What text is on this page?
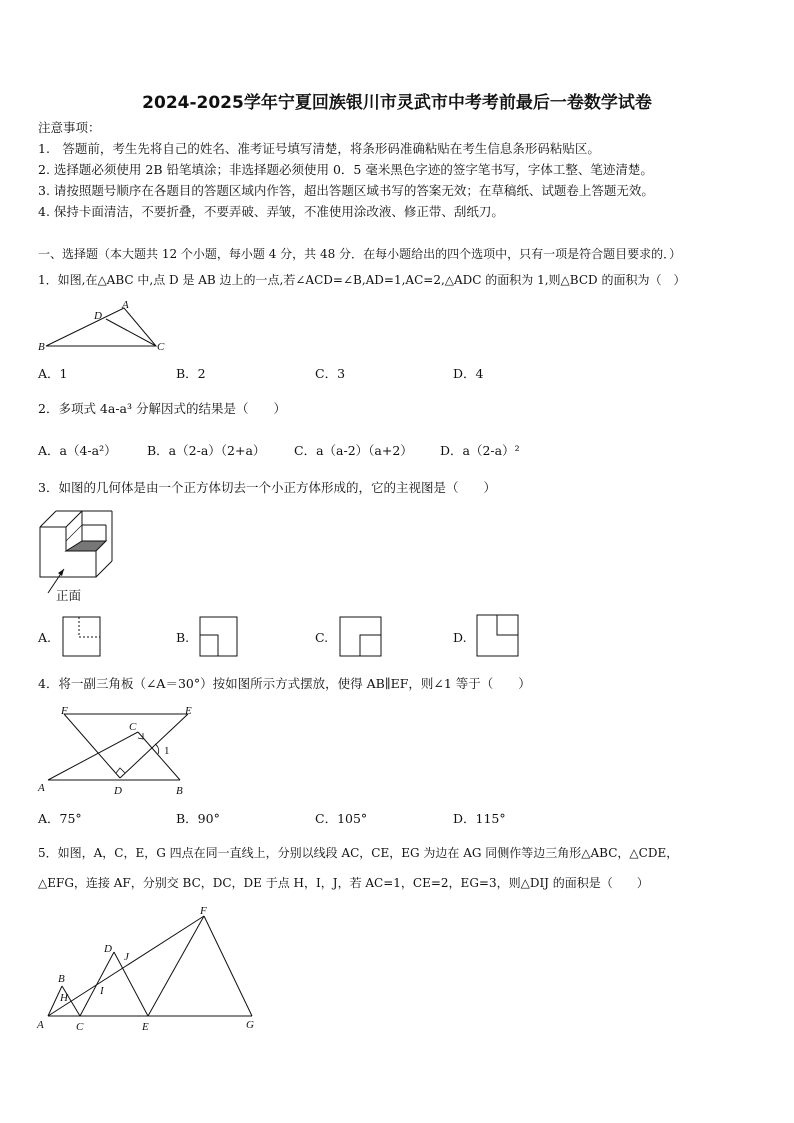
2024-2025学年宁夏回族银川市灵武市中考考前最后一卷数学试卷
注意事项：
1.　答题前，考生先将自己的姓名、准考证号填写清楚，将条形码准确粘贴在考生信息条形码粘贴区。
2. 选择题必须使用 2B 铅笔填涂；非选择题必须使用 0．5 毫米黑色字迹的签字笔书写，字体工整、笔迹清楚。
3. 请按照题号顺序在各题目的答题区域内作答，超出答题区域书写的答案无效；在草稿纸、试题卷上答题无效。
4. 保持卡面清洁，不要折叠，不要弄破、弄皱，不准使用涂改液、修正带、刮纸刀。
一、选择题（本大题共 12 个小题，每小题 4 分，共 48 分．在每小题给出的四个选项中，只有一项是符合题目要求的．）
1．如图,在△ABC 中,点 D 是 AB 边上的一点,若∠ACD=∠B,AD=1,AC=2,△ADC 的面积为 1,则△BCD 的面积为（　）
A
B	C
D
A．1	B．2	C．3	D．4
2．多项式 4a-a³ 分解因式的结果是（　　）
A．a（4-a²） B．a（2-a）（2+a） C．a（a-2）（a+2） D．a（2-a）²
3．如图的几何体是由一个正方体切去一个小正方体形成的，它的主视图是（　　）
正面
A.	B.	C.	D.
4．将一副三角板（∠A＝30°）按如图所示方式摆放，使得 AB∥EF，则∠1 等于（　　）
F	E
C
1
A	D	B
A．75°	B．90°	C．105°	D．115°
5．如图，A，C，E，G 四点在同一直线上，分别以线段 AC，CE，EG 为边在 AG 同侧作等边三角形△ABC，△CDE，
△EFG，连接 AF，分别交 BC，DC，DE 于点 H，I，J，若 AC=1，CE=2，EG=3，则△DIJ 的面积是（　　）
F
D
J
B
H
I
A	C	E	G
